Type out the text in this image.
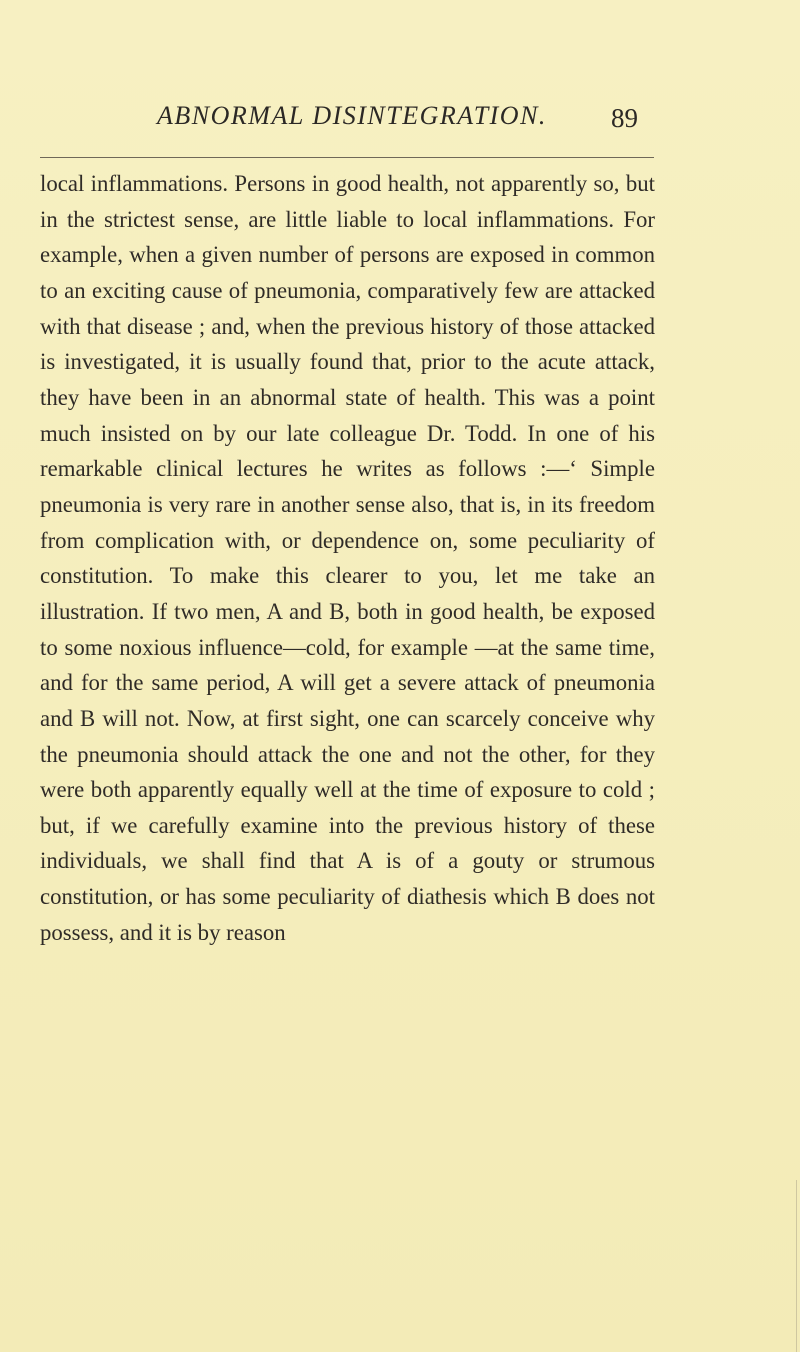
ABNORMAL DISINTEGRATION.	89

local inflammations. Persons in good health, not apparently so, but in the strictest sense, are little liable to local inflammations. For example, when a given number of persons are exposed in common to an exciting cause of pneumonia, comparatively few are attacked with that disease ; and, when the previous history of those attacked is investigated, it is usually found that, prior to the acute attack, they have been in an abnormal state of health. This was a point much insisted on by our late colleague Dr. Todd. In one of his remarkable clinical lectures he writes as follows :—‘ Simple pneumonia is very rare in another sense also, that is, in its freedom from complication with, or dependence on, some peculiarity of constitution. To make this clearer to you, let me take an illustration. If two men, A and B, both in good health, be exposed to some noxious influence—cold, for example —at the same time, and for the same period, A will get a severe attack of pneumonia and B will not. Now, at first sight, one can scarcely conceive why the pneumonia should attack the one and not the other, for they were both apparently equally well at the time of exposure to cold ; but, if we carefully examine into the previous history of these individuals, we shall find that A is of a gouty or strumous constitution, or has some peculiarity of diathesis which B does not possess, and it is by reason
